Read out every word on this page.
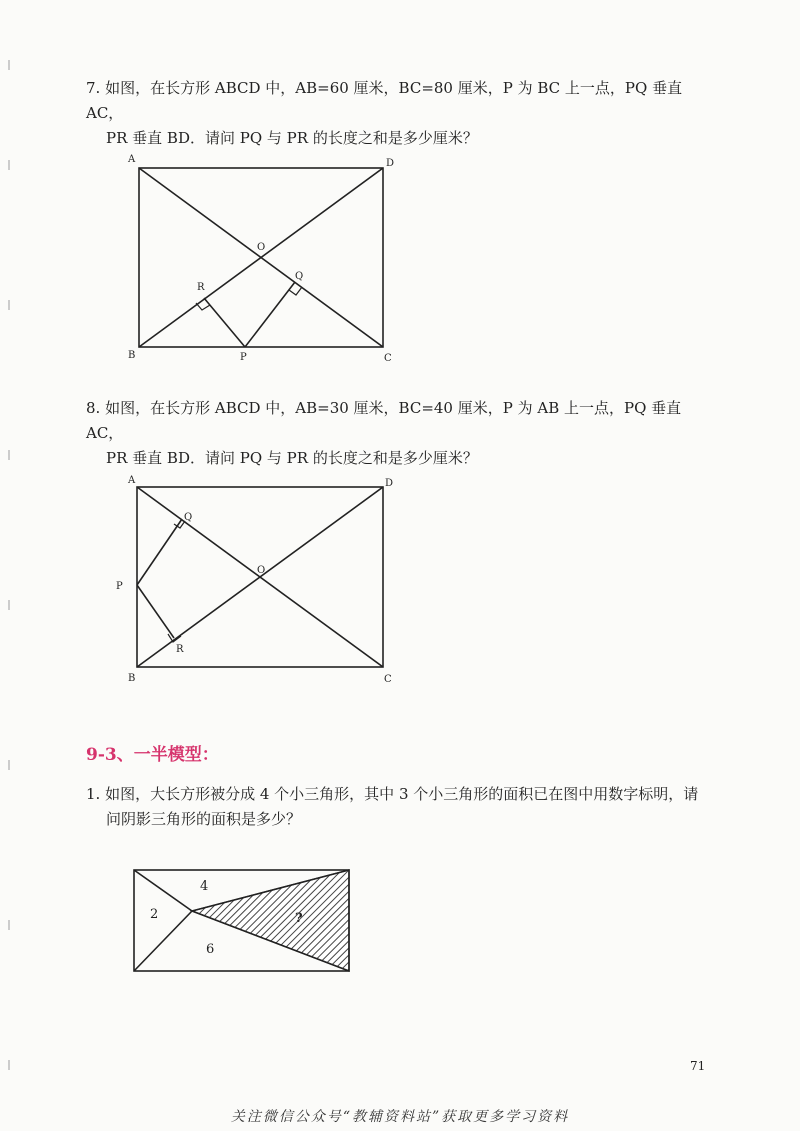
7. 如图，在长方形 ABCD 中，AB=60 厘米，BC=80 厘米，P 为 BC 上一点，PQ 垂直 AC，
PR 垂直 BD．请问 PQ 与 PR 的长度之和是多少厘米？
A	D
B	C
O
P
Q
R
8. 如图，在长方形 ABCD 中，AB=30 厘米，BC=40 厘米，P 为 AB 上一点，PQ 垂直 AC，
PR 垂直 BD．请问 PQ 与 PR 的长度之和是多少厘米？
A	D
P
B	C
O
Q
R
9-3、一半模型：
1. 如图，大长方形被分成 4 个小三角形，其中 3 个小三角形的面积已在图中用数字标明，请
问阴影三角形的面积是多少？
2
4
6
?
71
关注微信公众号“教辅资料站”获取更多学习资料
